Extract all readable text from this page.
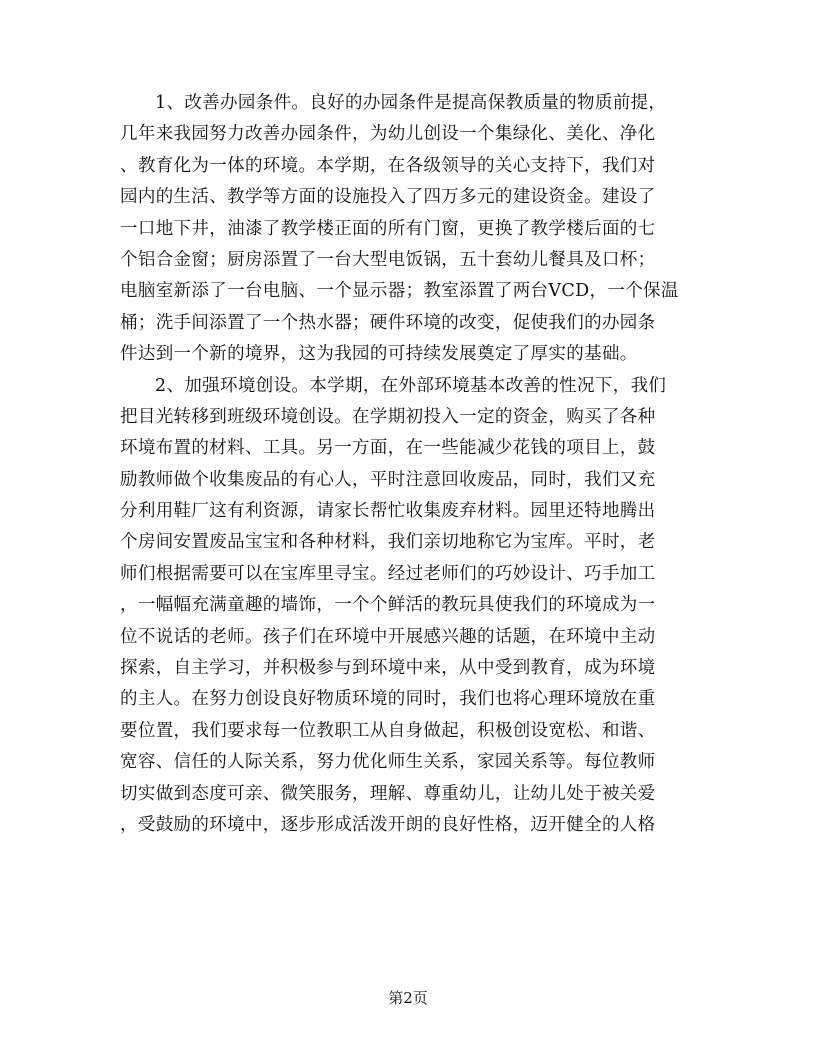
1、改善办园条件。良好的办园条件是提高保教质量的物质前提，
几年来我园努力改善办园条件，为幼儿创设一个集绿化、美化、净化
、教育化为一体的环境。本学期，在各级领导的关心支持下，我们对
园内的生活、教学等方面的设施投入了四万多元的建设资金。建设了
一口地下井，油漆了教学楼正面的所有门窗，更换了教学楼后面的七
个铝合金窗；厨房添置了一台大型电饭锅，五十套幼儿餐具及口杯；
电脑室新添了一台电脑、一个显示器；教室添置了两台VCD，一个保温
桶；洗手间添置了一个热水器；硬件环境的改变，促使我们的办园条
件达到一个新的境界，这为我园的可持续发展奠定了厚实的基础。
2、加强环境创设。本学期，在外部环境基本改善的性况下，我们
把目光转移到班级环境创设。在学期初投入一定的资金，购买了各种
环境布置的材料、工具。另一方面，在一些能减少花钱的项目上，鼓
励教师做个收集废品的有心人，平时注意回收废品，同时，我们又充
分利用鞋厂这有利资源，请家长帮忙收集废弃材料。园里还特地腾出
个房间安置废品宝宝和各种材料，我们亲切地称它为宝库。平时，老
师们根据需要可以在宝库里寻宝。经过老师们的巧妙设计、巧手加工
，一幅幅充满童趣的墙饰，一个个鲜活的教玩具使我们的环境成为一
位不说话的老师。孩子们在环境中开展感兴趣的话题，在环境中主动
探索，自主学习，并积极参与到环境中来，从中受到教育，成为环境
的主人。在努力创设良好物质环境的同时，我们也将心理环境放在重
要位置，我们要求每一位教职工从自身做起，积极创设宽松、和谐、
宽容、信任的人际关系，努力优化师生关系，家园关系等。每位教师
切实做到态度可亲、微笑服务，理解、尊重幼儿，让幼儿处于被关爱
，受鼓励的环境中，逐步形成活泼开朗的良好性格，迈开健全的人格
第2页
